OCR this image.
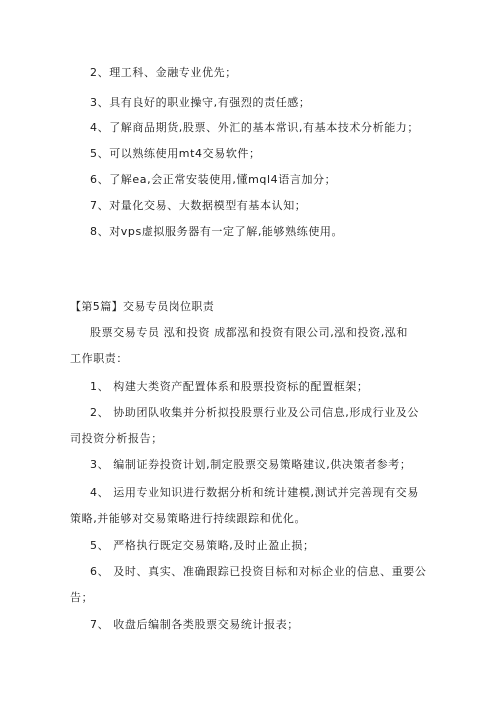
2、理工科、金融专业优先；
3、具有良好的职业操守,有强烈的责任感；
4、了解商品期货,股票、外汇的基本常识,有基本技术分析能力；
5、可以熟练使用mt4交易软件；
6、了解ea,会正常安装使用,懂mql4语言加分；
7、对量化交易、大数据模型有基本认知；
8、对vps虚拟服务器有一定了解,能够熟练使用。
【第5篇】交易专员岗位职责
股票交易专员 泓和投资 成都泓和投资有限公司,泓和投资,泓和
工作职责：
1、 构建大类资产配置体系和股票投资标的配置框架；
2、 协助团队收集并分析拟投股票行业及公司信息,形成行业及公
司投资分析报告；
3、 编制证券投资计划,制定股票交易策略建议,供决策者参考；
4、 运用专业知识进行数据分析和统计建模,测试并完善现有交易
策略,并能够对交易策略进行持续跟踪和优化。
5、 严格执行既定交易策略,及时止盈止损；
6、 及时、真实、准确跟踪已投资目标和对标企业的信息、重要公
告；
7、 收盘后编制各类股票交易统计报表；
